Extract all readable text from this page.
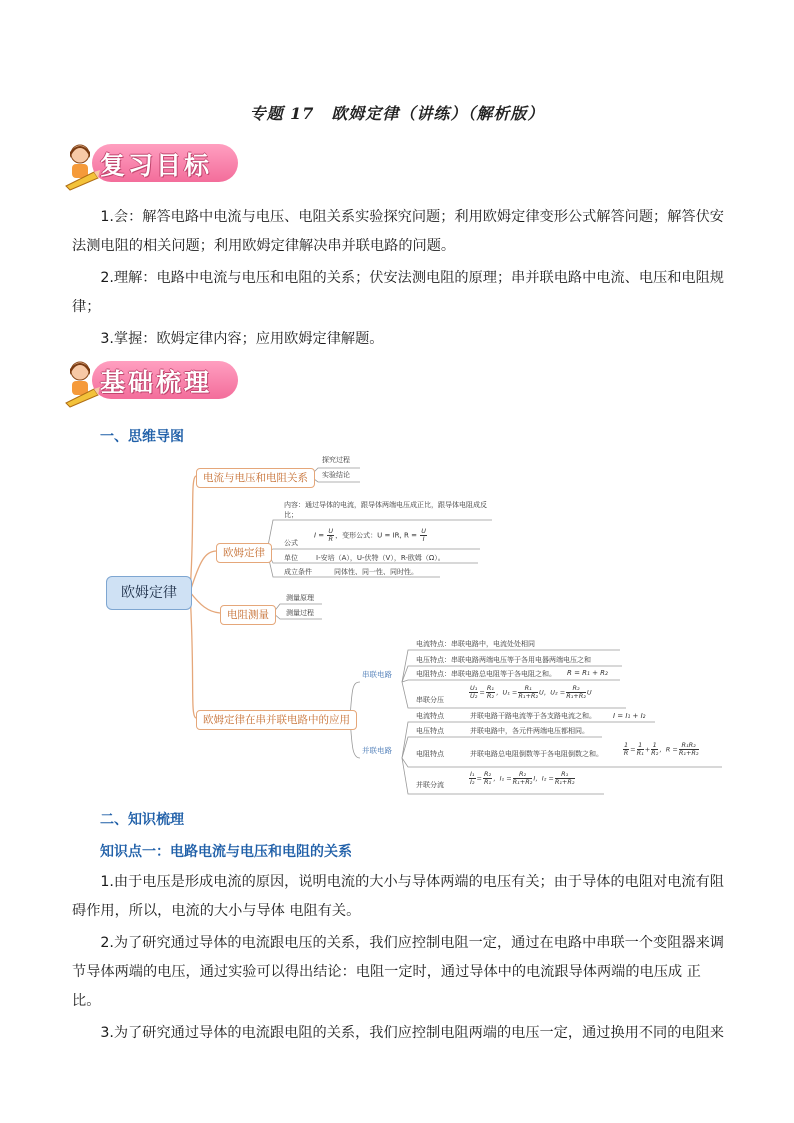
专题 17　欧姆定律（讲练）（解析版）
复习目标

1.会：解答电路中电流与电压、电阻关系实验探究问题；利用欧姆定律变形公式解答问题；解答伏安法测电阻的相关问题；利用欧姆定律解决串并联电路的问题。

2.理解：电路中电流与电压和电阻的关系；伏安法测电阻的原理；串并联电路中电流、电压和电阻规律；

3.掌握：欧姆定律内容；应用欧姆定律解题。

基础梳理
一、思维导图
欧姆定律
电流与电压和电阻关系
探究过程
实验结论
欧姆定律
内容：通过导体的电流，跟导体两端电压成正比，跟导体电阻成反比；
公式
$I = \frac{U}{R}$ ，变形公式：U = IR, $R = \frac{U}{I}$
单位	I-安培（A），U-伏特（V），R-欧姆（Ω）。
成立条件	同体性、同一性、同时性。
电阻测量
测量原理
测量过程
欧姆定律在串并联电路中的应用
串联电路
电流特点：串联电路中，电流处处相同
电压特点：串联电路两端电压等于各用电器两端电压之和
电阻特点：串联电路总电阻等于各电阻之和。 R = R₁ + R₂
串联分压	$\frac{\text{U₁}}{\text{U₂}} = \frac{\text{R₁}}{\text{R₂}}$ ，$U_1 = \frac{\text{R₁}}{\text{R₁+R₂}}$ U，$U_2 = \frac{\text{R₂}}{\text{R₁+R₂}}$ U
并联电路
电流特点	并联电路干路电流等于各支路电流之和。 I = I₁ + I₂
电压特点	并联电路中，各元件两端电压都相同。
电阻特点	并联电路总电阻倒数等于各电阻倒数之和。	$\frac{1}{R} = \frac{1}{\text{R₁}} + \frac{1}{\text{R₂}}$ ，$R = \frac{\text{R₁R₂}}{\text{R₁+R₂}}$
并联分流	$\frac{\text{I₁}}{\text{I₂}} = \frac{\text{R₂}}{\text{R₁}}$ ，$I_1 = \frac{\text{R₂}}{\text{R₁+R₂}}$ I，$I_2 = \frac{\text{R₁}}{\text{R₁+R₂}}$
二、知识梳理
知识点一：电路电流与电压和电阻的关系

1.由于电压是形成电流的原因，说明电流的大小与导体两端的电压有关；由于导体的电阻对电流有阻碍作用，所以，电流的大小与导体 电阻有关。

2.为了研究通过导体的电流跟电压的关系，我们应控制电阻一定，通过在电路中串联一个变阻器来调节导体两端的电压，通过实验可以得出结论：电阻一定时，通过导体中的电流跟导体两端的电压成 正比。

3.为了研究通过导体的电流跟电阻的关系，我们应控制电阻两端的电压一定，通过换用不同的电阻来
